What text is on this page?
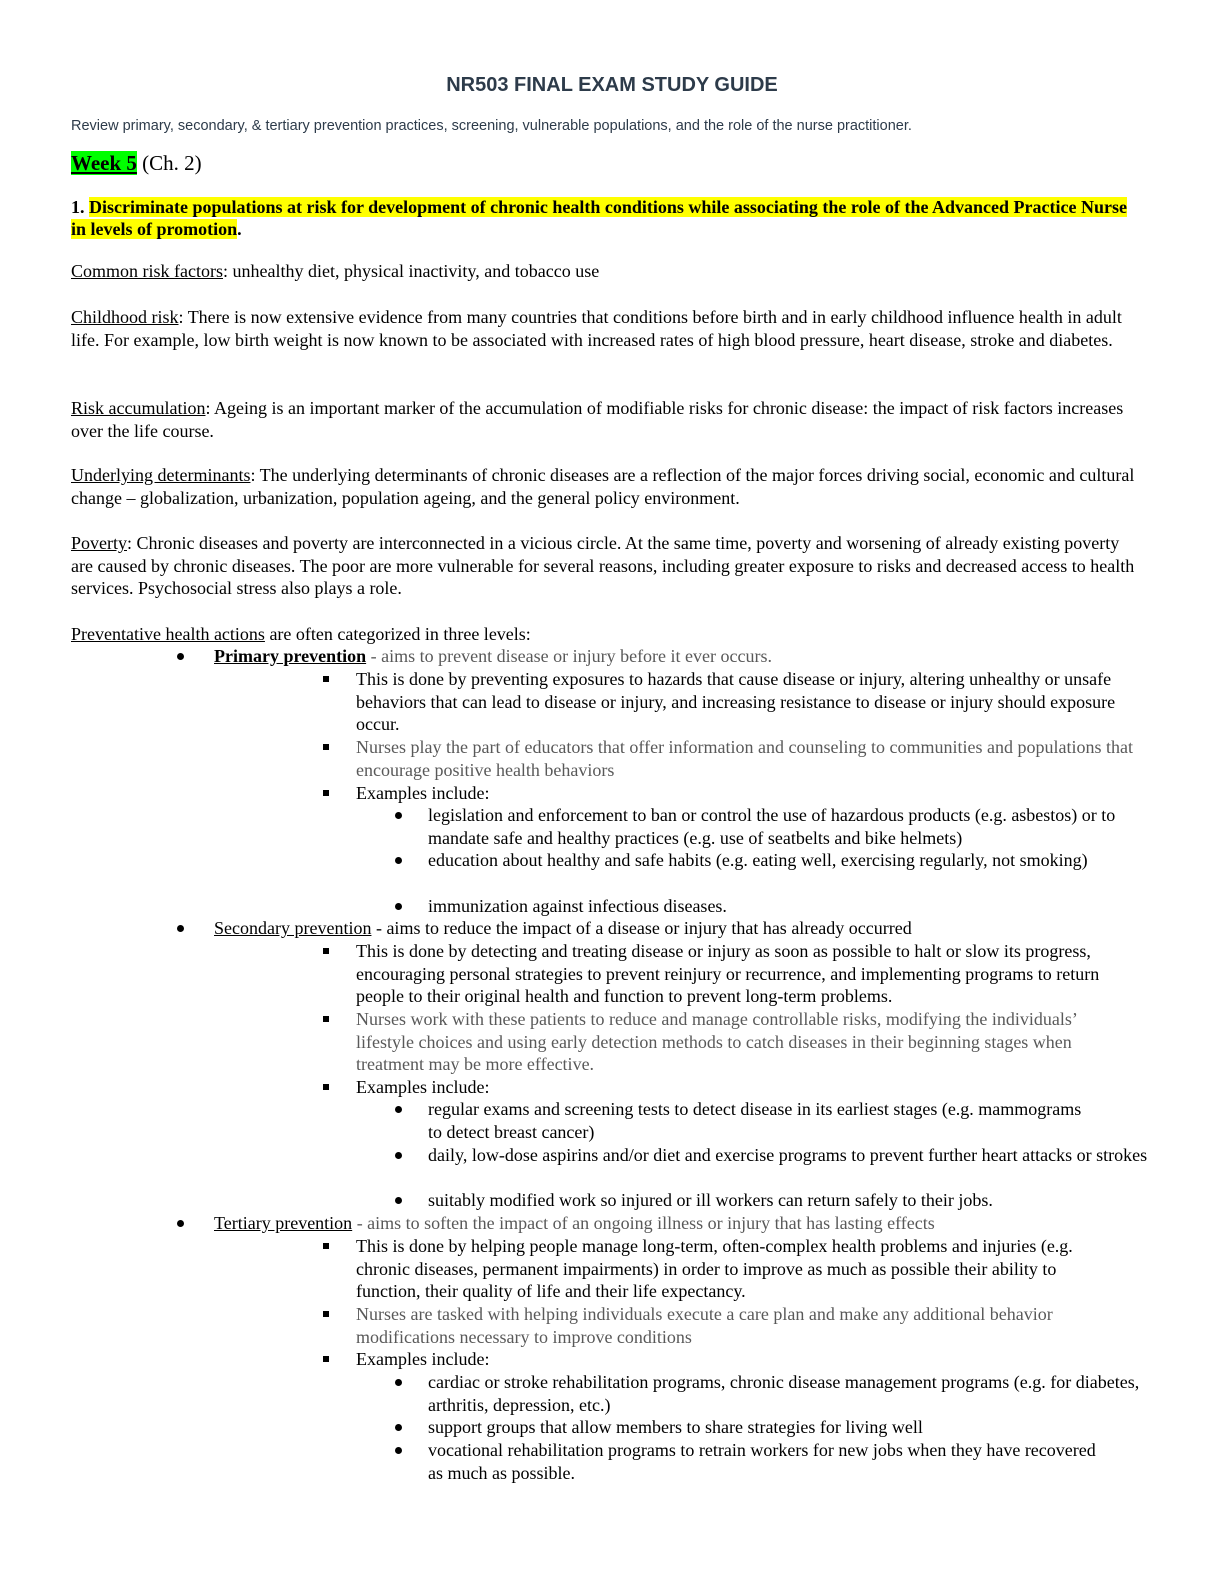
NR503 FINAL EXAM STUDY GUIDE

Review primary, secondary, & tertiary prevention practices, screening, vulnerable populations, and the role of the nurse practitioner.

Week 5 (Ch. 2)

1. Discriminate populations at risk for development of chronic health conditions while associating the role of the Advanced Practice Nurse in levels of promotion.

Common risk factors: unhealthy diet, physical inactivity, and tobacco use

Childhood risk: There is now extensive evidence from many countries that conditions before birth and in early childhood influence health in adult life. For example, low birth weight is now known to be associated with increased rates of high blood pressure, heart disease, stroke and diabetes.

Risk accumulation: Ageing is an important marker of the accumulation of modifiable risks for chronic disease: the impact of risk factors increases over the life course.

Underlying determinants: The underlying determinants of chronic diseases are a reflection of the major forces driving social, economic and cultural change – globalization, urbanization, population ageing, and the general policy environment.

Poverty: Chronic diseases and poverty are interconnected in a vicious circle. At the same time, poverty and worsening of already existing poverty are caused by chronic diseases. The poor are more vulnerable for several reasons, including greater exposure to risks and decreased access to health services. Psychosocial stress also plays a role.

Preventative health actions are often categorized in three levels:

Primary prevention - aims to prevent disease or injury before it ever occurs.
This is done by preventing exposures to hazards that cause disease or injury, altering unhealthy or unsafe behaviors that can lead to disease or injury, and increasing resistance to disease or injury should exposure occur.
Nurses play the part of educators that offer information and counseling to communities and populations that encourage positive health behaviors
Examples include:
legislation and enforcement to ban or control the use of hazardous products (e.g. asbestos) or to mandate safe and healthy practices (e.g. use of seatbelts and bike helmets)
education about healthy and safe habits (e.g. eating well, exercising regularly, not smoking)
immunization against infectious diseases.
Secondary prevention - aims to reduce the impact of a disease or injury that has already occurred
This is done by detecting and treating disease or injury as soon as possible to halt or slow its progress, encouraging personal strategies to prevent reinjury or recurrence, and implementing programs to return people to their original health and function to prevent long-term problems.
Nurses work with these patients to reduce and manage controllable risks, modifying the individuals’ lifestyle choices and using early detection methods to catch diseases in their beginning stages when treatment may be more effective.
Examples include:
regular exams and screening tests to detect disease in its earliest stages (e.g. mammograms to detect breast cancer)
daily, low-dose aspirins and/or diet and exercise programs to prevent further heart attacks or strokes
suitably modified work so injured or ill workers can return safely to their jobs.
Tertiary prevention - aims to soften the impact of an ongoing illness or injury that has lasting effects
This is done by helping people manage long-term, often-complex health problems and injuries (e.g. chronic diseases, permanent impairments) in order to improve as much as possible their ability to function, their quality of life and their life expectancy.
Nurses are tasked with helping individuals execute a care plan and make any additional behavior modifications necessary to improve conditions
Examples include:
cardiac or stroke rehabilitation programs, chronic disease management programs (e.g. for diabetes, arthritis, depression, etc.)
support groups that allow members to share strategies for living well
vocational rehabilitation programs to retrain workers for new jobs when they have recovered as much as possible.
